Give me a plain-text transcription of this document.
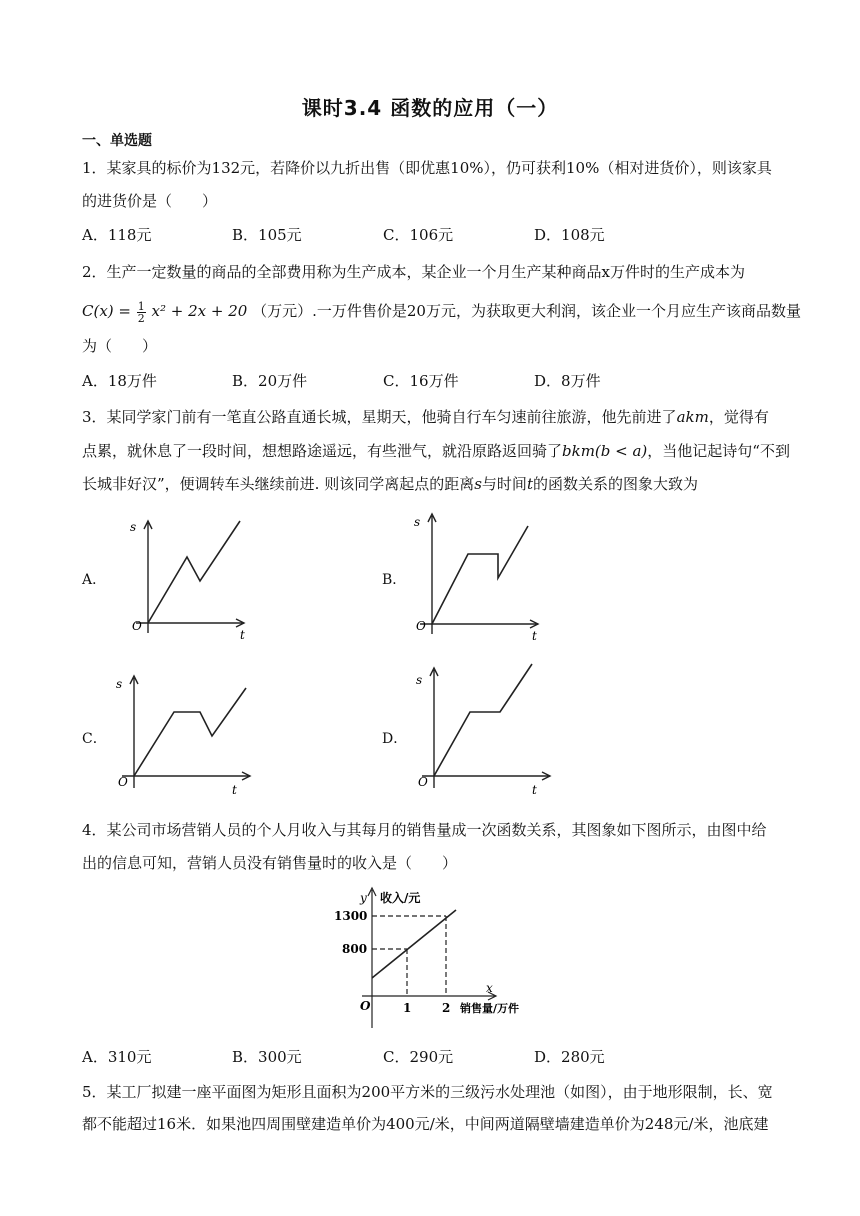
课时3.4 函数的应用（一）
一、单选题
1．某家具的标价为132元，若降价以九折出售（即优惠10%），仍可获利10%（相对进货价），则该家具
的进货价是（　　）
A．118元	B．105元	C．106元	D．108元
2．生产一定数量的商品的全部费用称为生产成本，某企业一个月生产某种商品x万件时的生产成本为
$C(x) = \frac{1}{2} x^2 + 2x + 20$ （万元）.一万件售价是20万元，为获取更大利润，该企业一个月应生产该商品数量
为（　　）
A．18万件	B．20万件	C．16万件	D．8万件
3．某同学家门前有一笔直公路直通长城，星期天，他骑自行车匀速前往旅游，他先前进了akm，觉得有
点累，就休息了一段时间，想想路途遥远，有些泄气，就沿原路返回骑了bkm(b < a)，当他记起诗句“不到
长城非好汉”，便调转车头继续前进. 则该同学离起点的距离s与时间t的函数关系的图象大致为
A．	B．
C．	D．
s
O
t
s
O
t
s
O
t
s
O
t
4．某公司市场营销人员的个人月收入与其每月的销售量成一次函数关系，其图象如下图所示，由图中给
出的信息可知，营销人员没有销售量时的收入是（　　）
y 收入/元
1300
800
O	1	2
x
销售量/万件
A．310元	B．300元	C．290元	D．280元
5．某工厂拟建一座平面图为矩形且面积为200平方米的三级污水处理池（如图），由于地形限制，长、宽
都不能超过16米．如果池四周围壁建造单价为400元/米，中间两道隔壁墙建造单价为248元/米，池底建
